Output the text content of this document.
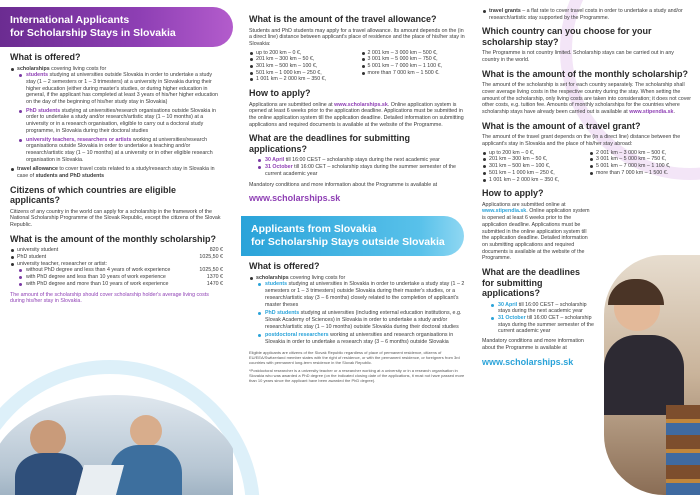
International Applicants
for Scholarship Stays in Slovakia
What is offered?
scholarships covering living costs for
students studying at universities outside Slovakia in order to undertake a study stay (1 – 2 semesters or 1 – 3 trimesters) at a university in Slovakia during their higher education (either during master's studies, or during higher education in general, if the applicant has completed at least 3 years of his/her higher education on the day of the beginning of his/her study stay in Slovakia)
PhD students studying at universities/research organisations outside Slovakia in order to undertake a study and/or research/artistic stay (1 – 10 months) at a university or in a research organisation, eligible to carry out a doctoral study programme, in Slovakia during their doctoral studies
university teachers, researchers or artists working at universities/research organisations outside Slovakia in order to undertake a teaching and/or research/artistic stay (1 – 10 months) at a university or in other eligible research organisation in Slovakia.
travel allowance to cover travel costs related to a study/research stay in Slovakia in case of students and PhD students
Citizens of which countries are eligible applicants?

Citizens of any country in the world can apply for a scholarship in the framework of the National Scholarship Programme of the Slovak Republic, except the citizens of the Slovak Republic.

What is the amount of the monthly scholarship?
university student	820 €
PhD student	1025,50 €
university teacher, researcher or artist:
without PhD degree and less than 4 years of work experience	1025,50 €
with PhD degree and less than 10 years of work experience	1370 €
with PhD degree and more than 10 years of work experience	1470 €

The amount of the scholarship should cover scholarship holder's average living costs during his/her stay in Slovakia.

What is the amount of the travel allowance?

Students and PhD students may apply for a travel allowance. Its amount depends on the (in a direct line) distance between applicant's place of residence and the place of his/her stay in Slovakia:

up to 200 km – 0 €,	2 001 km – 3 000 km – 500 €,
201 km – 300 km – 50 €,	3 001 km – 5 000 km – 750 €,
301 km – 500 km – 100 €,	5 001 km – 7 000 km – 1 100 €,
501 km – 1 000 km – 250 €,	more than 7 000 km – 1 500 €.
1 001 km – 2 000 km – 350 €,
How to apply?

Applications are submitted online at www.scholarships.sk. Online application system is opened at least 6 weeks prior to the application deadline. Applications must be submitted in the online application system till the application deadline. Detailed information on submitting applications and required documents is available at the website of the Programme.

What are the deadlines for submitting applications?
30 April till 16:00 CEST – scholarship stays during the next academic year
31 October till 16:00 CET – scholarship stays during the summer semester of the current academic year

Mandatory conditions and more information about the Programme is available at

www.scholarships.sk
Applicants from Slovakia
for Scholarship Stays outside Slovakia
What is offered?
scholarships covering living costs for
students studying at universities in Slovakia in order to undertake a study stay (1 – 2 semesters or 1 – 3 trimesters) outside Slovakia during their master's studies, or a research/artistic stay (3 – 6 months) closely related to the completion of applicant's master theses
PhD students studying at universities (including external education institutions, e.g. Slovak Academy of Sciences) in Slovakia in order to undertake a study and/or research/artistic stay (1 – 10 months) outside Slovakia during their doctoral studies
postdoctoral researchers working at universities and research organisations in Slovakia in order to undertake a research stay (3 – 6 months) outside Slovakia

Eligible applicants are citizens of the Slovak Republic regardless of place of permanent residence, citizens of EU/EEA/Switzerland member states with the right of residence, or with the permanent residence, or foreigners from 3rd countries with permanent long-term residence in the Slovak Republic.

*Postdoctoral researcher is a university teacher or a researcher working at a university or in a research organisation in Slovakia who was awarded a PhD degree (on the indicated closing date of the applications, it must not have passed more than 10 years since the applicant have been awarded the PhD degree).

travel grants – a flat rate to cover travel costs in order to undertake a study and/or research/artistic stay supported by the Programme.
Which country can you choose for your scholarship stay?

The Programme is not country limited. Scholarship stays can be carried out in any country in the world.

What is the amount of the monthly scholarship?

The amount of the scholarship is set for each country separately. The scholarship shall cover average living costs in the respective country during the stay. When setting the amount of the scholarship, only living costs are taken into consideration; it does not cover other costs, e.g. tuition fee. Amounts of monthly scholarships for the countries where scholarship stays have already been carried out is available at www.stipendia.sk.

What is the amount of a travel grant?

The amount of the travel grant depends on the (in a direct line) distance between the applicant's stay in Slovakia and the place of his/her stay abroad:

up to 200 km – 0 €,	2 001 km – 3 000 km – 500 €,
201 km – 300 km – 50 €,	3 001 km – 5 000 km – 750 €,
301 km – 500 km – 100 €,	5 001 km – 7 000 km – 1 100 €,
501 km – 1 000 km – 250 €,	more than 7 000 km – 1 500 €.
1 001 km – 2 000 km – 350 €,
How to apply?

Applications are submitted online at www.stipendia.sk. Online application system is opened at least 6 weeks prior to the application deadline. Applications must be submitted in the online application system till the application deadline. Detailed information on submitting applications and required documents is available at the website of the Programme.

What are the deadlines for submitting applications?
30 April till 16:00 CEST – scholarship stays during the next academic year
31 October till 16:00 CET – scholarship stays during the summer semester of the current academic year

Mandatory conditions and more information about the Programme is available at

www.scholarships.sk
